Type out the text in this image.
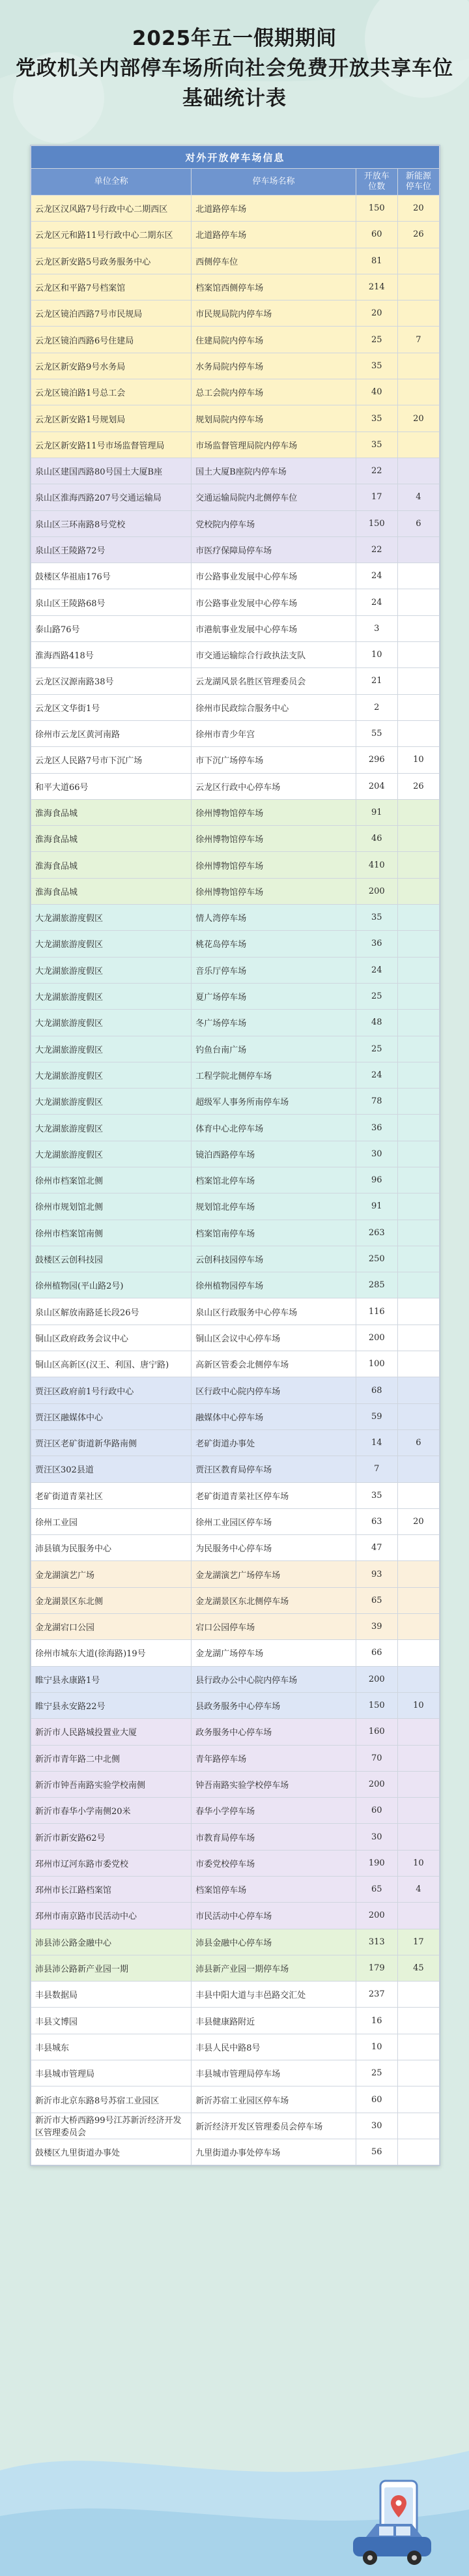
2025年五一假期期间
党政机关内部停车场所向社会免费开放共享车位
基础统计表
对外开放停车场信息			
单位全称	停车场名称	开放车位数	新能源停车位
云龙区汉风路7号行政中心二期西区	北道路停车场	150	20
云龙区元和路11号行政中心二期东区	北道路停车场	60	26
云龙区新安路5号政务服务中心	西侧停车位	81	
云龙区和平路7号档案馆	档案馆西侧停车场	214	
云龙区镜泊西路7号市民规局	市民规局院内停车场	20	
云龙区镜泊西路6号住建局	住建局院内停车场	25	7
云龙区新安路9号水务局	水务局院内停车场	35	
云龙区镜泊路1号总工会	总工会院内停车场	40	
云龙区新安路1号规划局	规划局院内停车场	35	20
云龙区新安路11号市场监督管理局	市场监督管理局院内停车场	35	
泉山区建国西路80号国土大厦B座	国土大厦B座院内停车场	22	
泉山区淮海西路207号交通运输局	交通运输局院内北侧停车位	17	4
泉山区三环南路8号党校	党校院内停车场	150	6
泉山区王陵路72号	市医疗保障局停车场	22	
鼓楼区华祖庙176号	市公路事业发展中心停车场	24	
泉山区王陵路68号	市公路事业发展中心停车场	24	
泰山路76号	市港航事业发展中心停车场	3	
淮海西路418号	市交通运输综合行政执法支队	10	
云龙区汉源南路38号	云龙湖风景名胜区管理委员会	21	
云龙区文华街1号	徐州市民政综合服务中心	2	
徐州市云龙区黄河南路	徐州市青少年宫	55	
云龙区人民路7号市下沉广场	市下沉广场停车场	296	10
和平大道66号	云龙区行政中心停车场	204	26
淮海食品城	徐州博物馆停车场	91	
淮海食品城	徐州博物馆停车场	46	
淮海食品城	徐州博物馆停车场	410	
淮海食品城	徐州博物馆停车场	200	
大龙湖旅游度假区	情人湾停车场	35	
大龙湖旅游度假区	桃花岛停车场	36	
大龙湖旅游度假区	音乐厅停车场	24	
大龙湖旅游度假区	夏广场停车场	25	
大龙湖旅游度假区	冬广场停车场	48	
大龙湖旅游度假区	钓鱼台南广场	25	
大龙湖旅游度假区	工程学院北侧停车场	24	
大龙湖旅游度假区	超级军人事务所南停车场	78	
大龙湖旅游度假区	体育中心北停车场	36	
大龙湖旅游度假区	镜泊西路停车场	30	
徐州市档案馆北侧	档案馆北停车场	96	
徐州市规划馆北侧	规划馆北停车场	91	
徐州市档案馆南侧	档案馆南停车场	263	
鼓楼区云创科技园	云创科技园停车场	250	
徐州植物园(平山路2号)	徐州植物园停车场	285	
泉山区解放南路延长段26号	泉山区行政服务中心停车场	116	
铜山区政府政务会议中心	铜山区会议中心停车场	200	
铜山区高新区(汉王、利国、唐宁路)	高新区管委会北侧停车场	100	
贾汪区政府前1号行政中心	区行政中心院内停车场	68	
贾汪区融媒体中心	融媒体中心停车场	59	
贾汪区老矿街道新华路南侧	老矿街道办事处	14	6
贾汪区302县道	贾汪区教育局停车场	7	
老矿街道青菜社区	老矿街道青菜社区停车场	35	
徐州工业园	徐州工业园区停车场	63	20
沛县镇为民服务中心	为民服务中心停车场	47	
金龙湖演艺广场	金龙湖演艺广场停车场	93	
金龙湖景区东北侧	金龙湖景区东北侧停车场	65	
金龙湖宕口公园	宕口公园停车场	39	
徐州市城东大道(徐海路)19号	金龙湖广场停车场	66	
睢宁县永康路1号	县行政办公中心院内停车场	200	
睢宁县永安路22号	县政务服务中心停车场	150	10
新沂市人民路城投置业大厦	政务服务中心停车场	160	
新沂市青年路二中北侧	青年路停车场	70	
新沂市钟吾南路实验学校南侧	钟吾南路实验学校停车场	200	
新沂市春华小学南侧20米	春华小学停车场	60	
新沂市新安路62号	市教育局停车场	30	
邳州市辽河东路市委党校	市委党校停车场	190	10
邳州市长江路档案馆	档案馆停车场	65	4
邳州市南京路市民活动中心	市民活动中心停车场	200	
沛县沛公路金融中心	沛县金融中心停车场	313	17
沛县沛公路新产业园一期	沛县新产业园一期停车场	179	45
丰县数据局	丰县中阳大道与丰邑路交汇处	237	
丰县文博园	丰县健康路附近	16	
丰县城东	丰县人民中路8号	10	
丰县城市管理局	丰县城市管理局停车场	25	
新沂市北京东路8号苏宿工业园区	新沂苏宿工业园区停车场	60	
新沂市大桥西路99号江苏新沂经济开发区管理委员会	新沂经济开发区管理委员会停车场	30	
鼓楼区九里街道办事处	九里街道办事处停车场	56	
